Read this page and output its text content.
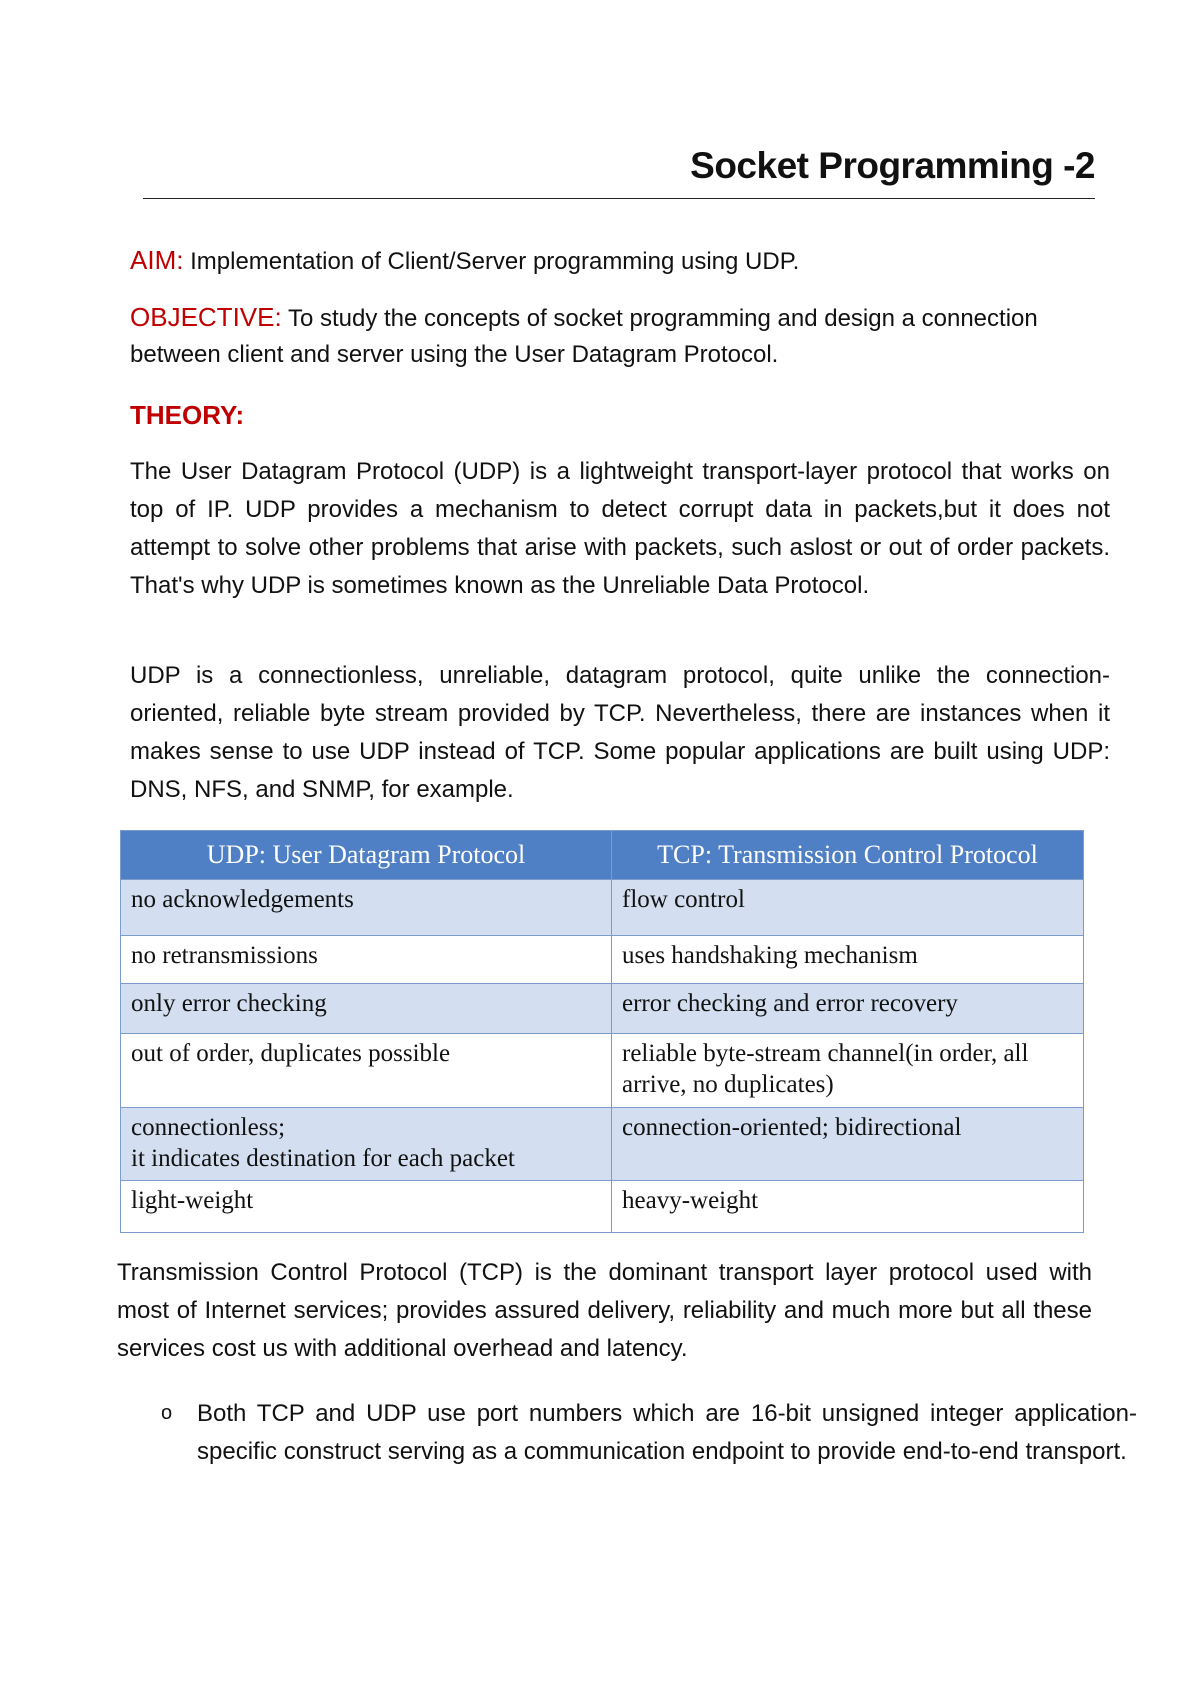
Socket Programming -2
AIM: Implementation of Client/Server programming using UDP.
OBJECTIVE: To study the concepts of socket programming and design a connection
between client and server using the User Datagram Protocol.
THEORY:
The User Datagram Protocol (UDP) is a lightweight transport-layer protocol that works on top of IP. UDP provides a mechanism to detect corrupt data in packets,but it does not attempt to solve other problems that arise with packets, such aslost or out of order packets. That's why UDP is sometimes known as the Unreliable Data Protocol.
UDP is a connectionless, unreliable, datagram protocol, quite unlike the connection-oriented, reliable byte stream provided by TCP. Nevertheless, there are instances when it makes sense to use UDP instead of TCP. Some popular applications are built using UDP: DNS, NFS, and SNMP, for example.
UDP: User Datagram Protocol	TCP: Transmission Control Protocol

no acknowledgements	flow control

no retransmissions	uses handshaking mechanism

only error checking	error checking and error recovery

out of order, duplicates possible	reliable byte-stream channel(in order, all
arrive, no duplicates)

connectionless;
it indicates destination for each packet	connection-oriented; bidirectional

light-weight	heavy-weight
Transmission Control Protocol (TCP) is the dominant transport layer protocol used with most of Internet services; provides assured delivery, reliability and much more but all these services cost us with additional overhead and latency.
o Both TCP and UDP use port numbers which are 16-bit unsigned integer application-specific construct serving as a communication endpoint to provide end-to-end transport.
